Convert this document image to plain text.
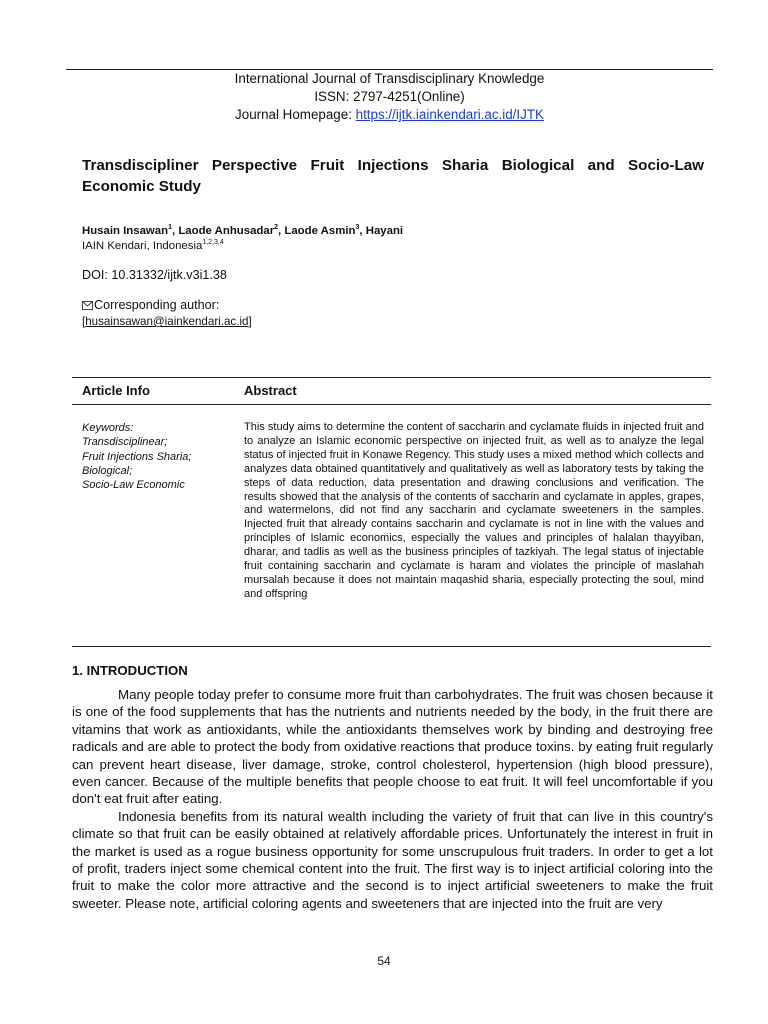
International Journal of Transdisciplinary Knowledge
ISSN: 2797-4251(Online)
Journal Homepage: https://ijtk.iainkendari.ac.id/IJTK
Transdiscipliner Perspective Fruit Injections Sharia Biological and Socio-Law Economic Study
Husain Insawan$^1$, Laode Anhusadar$^2$, Laode Asmin$^3$, Hayani
IAIN Kendari, Indonesia$^{1,2,3,4}$
DOI: 10.31332/ijtk.v3i1.38
Corresponding author:
[husainsawan@iainkendari.ac.id]
Article Info	Abstract
Keywords:
Transdisciplinear;
Fruit Injections Sharia;
Biological;
Socio-Law Economic
This study aims to determine the content of saccharin and cyclamate fluids in injected fruit and to analyze an Islamic economic perspective on injected fruit, as well as to analyze the legal status of injected fruit in Konawe Regency. This study uses a mixed method which collects and analyzes data obtained quantitatively and qualitatively as well as laboratory tests by taking the steps of data reduction, data presentation and drawing conclusions and verification. The results showed that the analysis of the contents of saccharin and cyclamate in apples, grapes, and watermelons, did not find any saccharin and cyclamate sweeteners in the samples. Injected fruit that already contains saccharin and cyclamate is not in line with the values and principles of Islamic economics, especially the values and principles of halalan thayyiban, dharar, and tadlis as well as the business principles of tazkiyah. The legal status of injectable fruit containing saccharin and cyclamate is haram and violates the principle of maslahah mursalah because it does not maintain maqashid sharia, especially protecting the soul, mind and offspring
1. INTRODUCTION

Many people today prefer to consume more fruit than carbohydrates. The fruit was chosen because it is one of the food supplements that has the nutrients and nutrients needed by the body, in the fruit there are vitamins that work as antioxidants, while the antioxidants themselves work by binding and destroying free radicals and are able to protect the body from oxidative reactions that produce toxins. by eating fruit regularly can prevent heart disease, liver damage, stroke, control cholesterol, hypertension (high blood pressure), even cancer. Because of the multiple benefits that people choose to eat fruit. It will feel uncomfortable if you don't eat fruit after eating.

Indonesia benefits from its natural wealth including the variety of fruit that can live in this country's climate so that fruit can be easily obtained at relatively affordable prices. Unfortunately the interest in fruit in the market is used as a rogue business opportunity for some unscrupulous fruit traders. In order to get a lot of profit, traders inject some chemical content into the fruit. The first way is to inject artificial coloring into the fruit to make the color more attractive and the second is to inject artificial sweeteners to make the fruit sweeter. Please note, artificial coloring agents and sweeteners that are injected into the fruit are very

54
